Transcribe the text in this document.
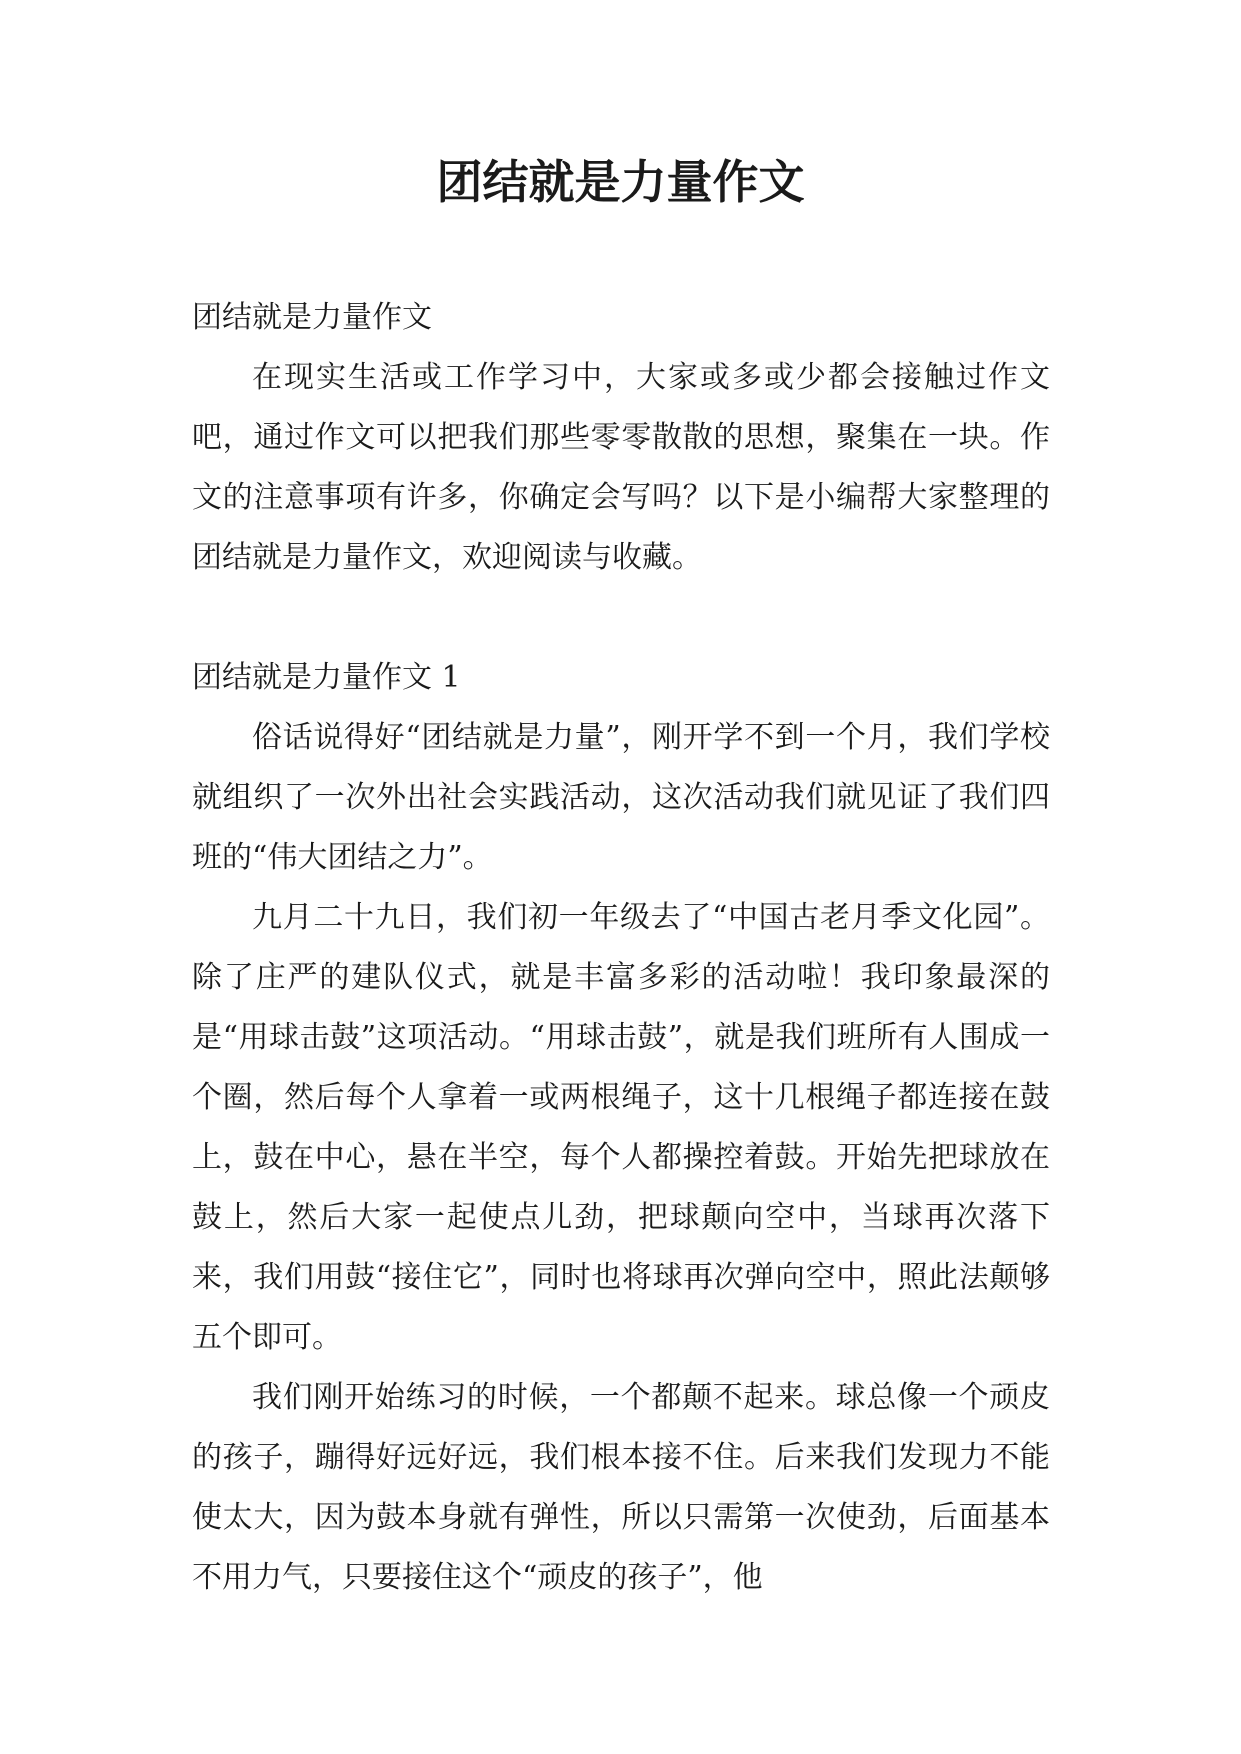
团结就是力量作文

团结就是力量作文

在现实生活或工作学习中，大家或多或少都会接触过作文吧，通过作文可以把我们那些零零散散的思想，聚集在一块。作文的注意事项有许多，你确定会写吗？以下是小编帮大家整理的团结就是力量作文，欢迎阅读与收藏。

团结就是力量作文 1

俗话说得好“团结就是力量”，刚开学不到一个月，我们学校就组织了一次外出社会实践活动，这次活动我们就见证了我们四班的“伟大团结之力”。

九月二十九日，我们初一年级去了“中国古老月季文化园”。除了庄严的建队仪式，就是丰富多彩的活动啦！我印象最深的是“用球击鼓”这项活动。“用球击鼓”，就是我们班所有人围成一个圈，然后每个人拿着一或两根绳子，这十几根绳子都连接在鼓上，鼓在中心，悬在半空，每个人都操控着鼓。开始先把球放在鼓上，然后大家一起使点儿劲，把球颠向空中，当球再次落下来，我们用鼓“接住它”，同时也将球再次弹向空中，照此法颠够五个即可。

我们刚开始练习的时候，一个都颠不起来。球总像一个顽皮的孩子，蹦得好远好远，我们根本接不住。后来我们发现力不能使太大，因为鼓本身就有弹性，所以只需第一次使劲，后面基本不用力气，只要接住这个“顽皮的孩子”，他
